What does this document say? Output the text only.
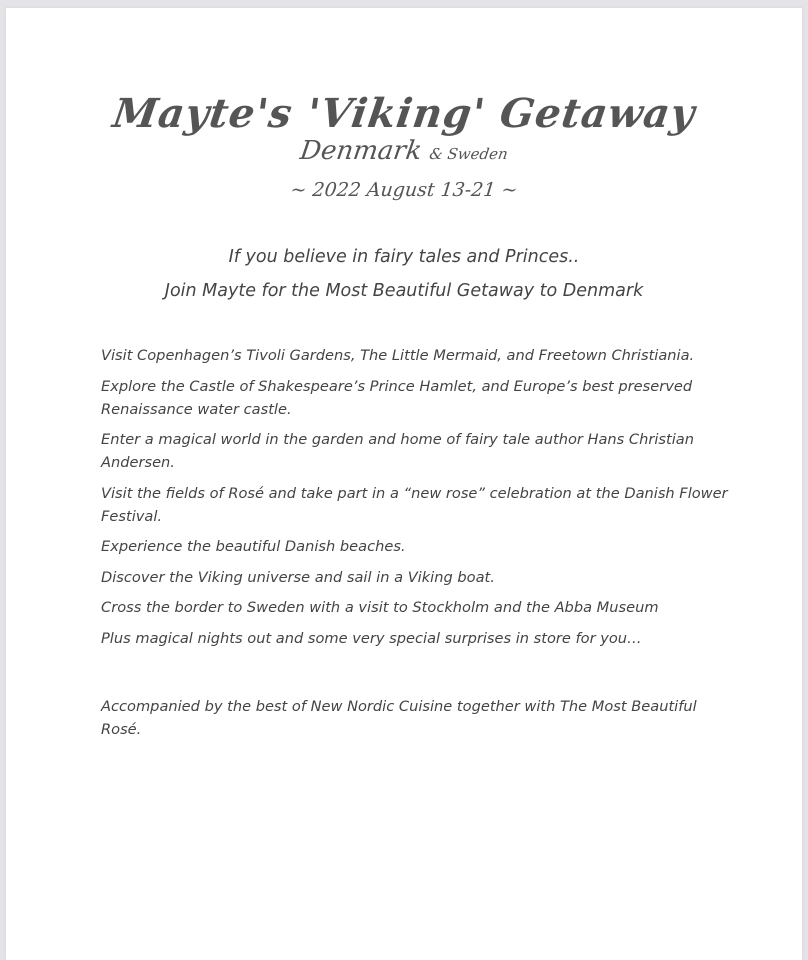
Mayte's 'Viking' Getaway
Denmark & Sweden
~ 2022 August 13-21 ~
If you believe in fairy tales and Princes..
Join Mayte for the Most Beautiful Getaway to Denmark
Visit Copenhagen’s Tivoli Gardens, The Little Mermaid, and Freetown Christiania.
Explore the Castle of Shakespeare’s Prince Hamlet, and Europe’s best preserved Renaissance water castle.
Enter a magical world in the garden and home of fairy tale author Hans Christian Andersen.
Visit the fields of Rosé and take part in a “new rose” celebration at the Danish Flower Festival.
Experience the beautiful Danish beaches.
Discover the Viking universe and sail in a Viking boat.
Cross the border to Sweden with a visit to Stockholm and the Abba Museum
Plus magical nights out and some very special surprises in store for you…
Accompanied by the best of New Nordic Cuisine together with The Most Beautiful Rosé.
